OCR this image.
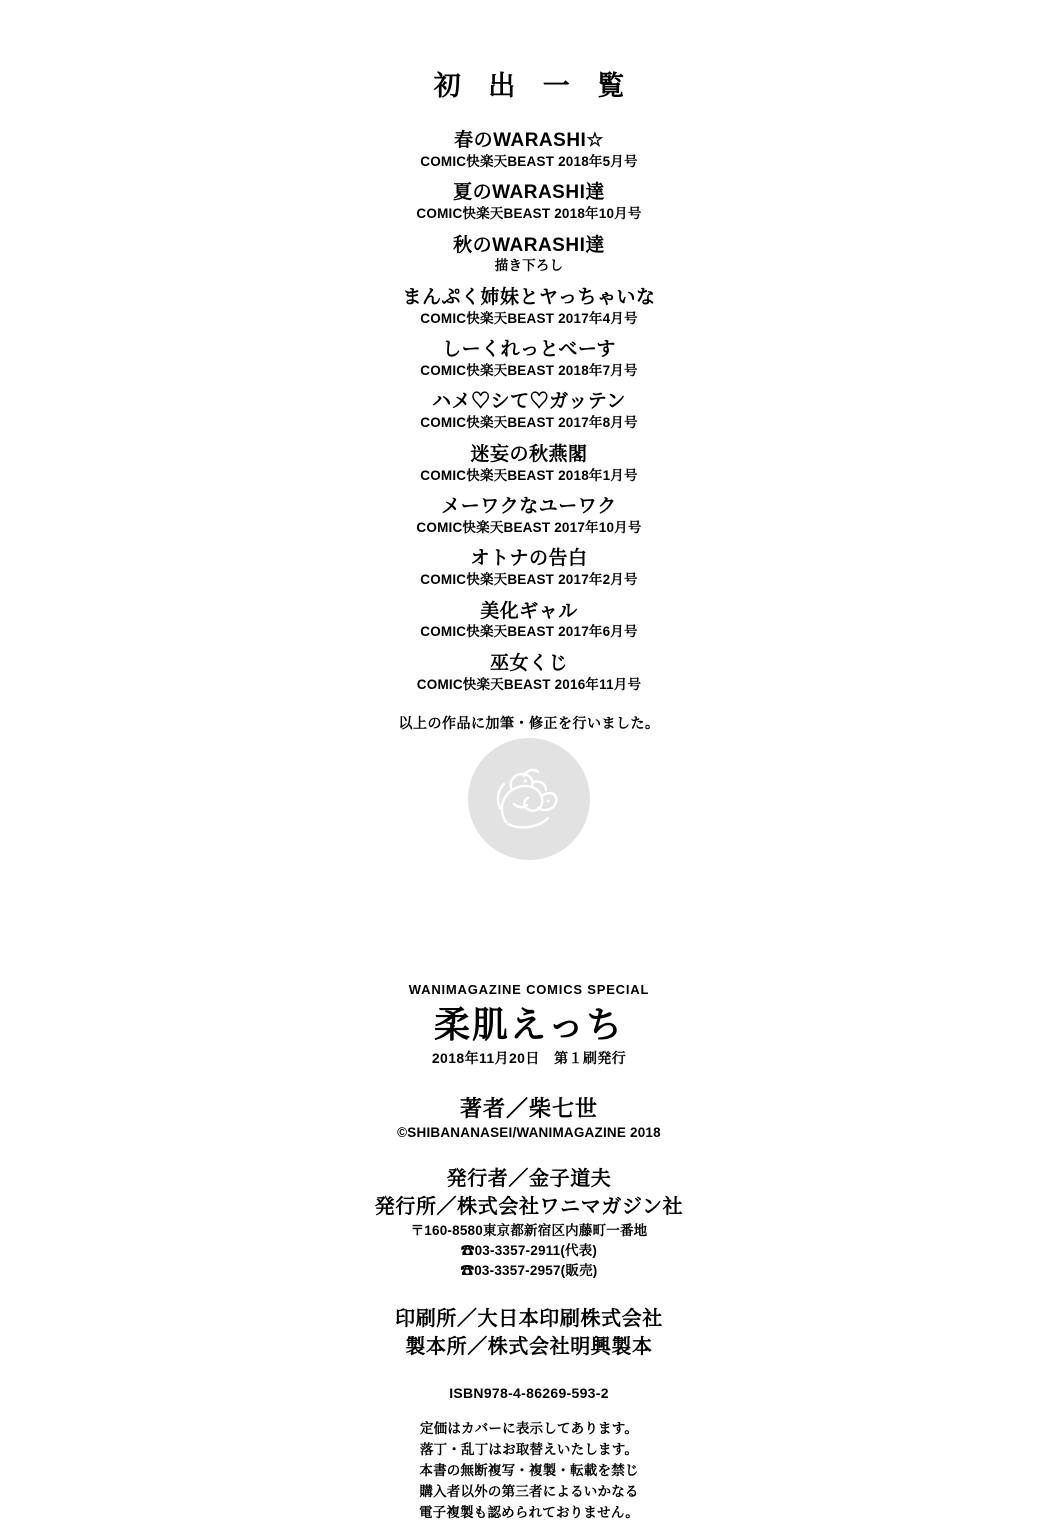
初 出 一 覧
春のWARASHI☆
COMIC快楽天BEAST 2018年5月号
夏のWARASHI達
COMIC快楽天BEAST 2018年10月号
秋のWARASHI達
描き下ろし
まんぷく姉妹とヤっちゃいな
COMIC快楽天BEAST 2017年4月号
しーくれっとべーす
COMIC快楽天BEAST 2018年7月号
ハメ♡シて♡ガッテン
COMIC快楽天BEAST 2017年8月号
迷妄の秋燕閣
COMIC快楽天BEAST 2018年1月号
メーワクなユーワク
COMIC快楽天BEAST 2017年10月号
オトナの告白
COMIC快楽天BEAST 2017年2月号
美化ギャル
COMIC快楽天BEAST 2017年6月号
巫女くじ
COMIC快楽天BEAST 2016年11月号
以上の作品に加筆・修正を行いました。
WANIMAGAZINE COMICS SPECIAL
柔肌えっち
2018年11月20日　第１刷発行
著者／柴七世
©SHIBANANASEI/WANIMAGAZINE 2018
発行者／金子道夫
発行所／株式会社ワニマガジン社
〒160-8580東京都新宿区内藤町一番地
☎03-3357-2911(代表)
☎03-3357-2957(販売)
印刷所／大日本印刷株式会社
製本所／株式会社明興製本
ISBN978-4-86269-593-2
定価はカバーに表示してあります。
落丁・乱丁はお取替えいたします。
本書の無断複写・複製・転載を禁じ
購入者以外の第三者によるいかなる
電子複製も認められておりません。
